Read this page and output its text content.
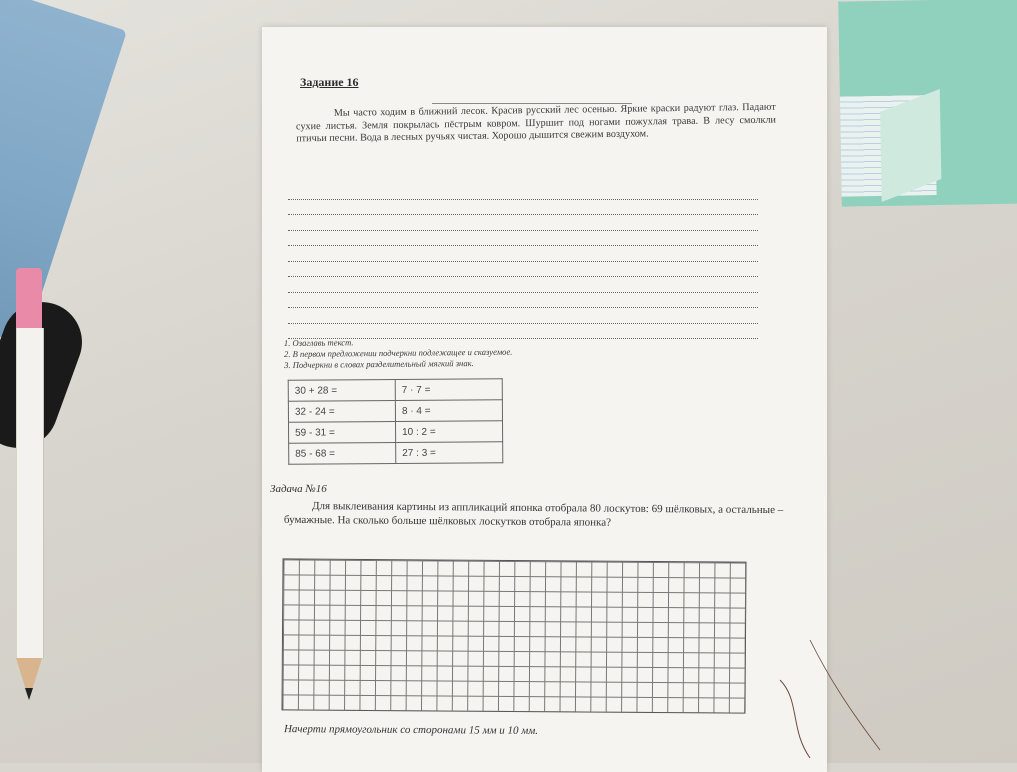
Задание 16
Мы часто ходим в ближний лесок. Красив русский лес осенью. Яркие краски радуют глаз. Падают сухие листья. Земля покрылась пёстрым ковром. Шуршит под ногами пожухлая трава. В лесу смолкли птичьи песни. Вода в лесных ручьях чистая. Хорошо дышится свежим воздухом.
1. Озаглавь текст.
2. В первом предложении подчеркни подлежащее и сказуемое.
3. Подчеркни в словах разделительный мягкий знак.
30 + 28 =	7 · 7 =
32 - 24 =	8 · 4 =
59 - 31 =	10 : 2 =
85 - 68 =	27 : 3 =
Задача №16
Для выклеивания картины из аппликаций японка отобрала 80 лоскутов: 69 шёлковых, а остальные – бумажные. На сколько больше шёлковых лоскутков отобрала японка?
Начерти прямоугольник со сторонами 15 мм и 10 мм.
